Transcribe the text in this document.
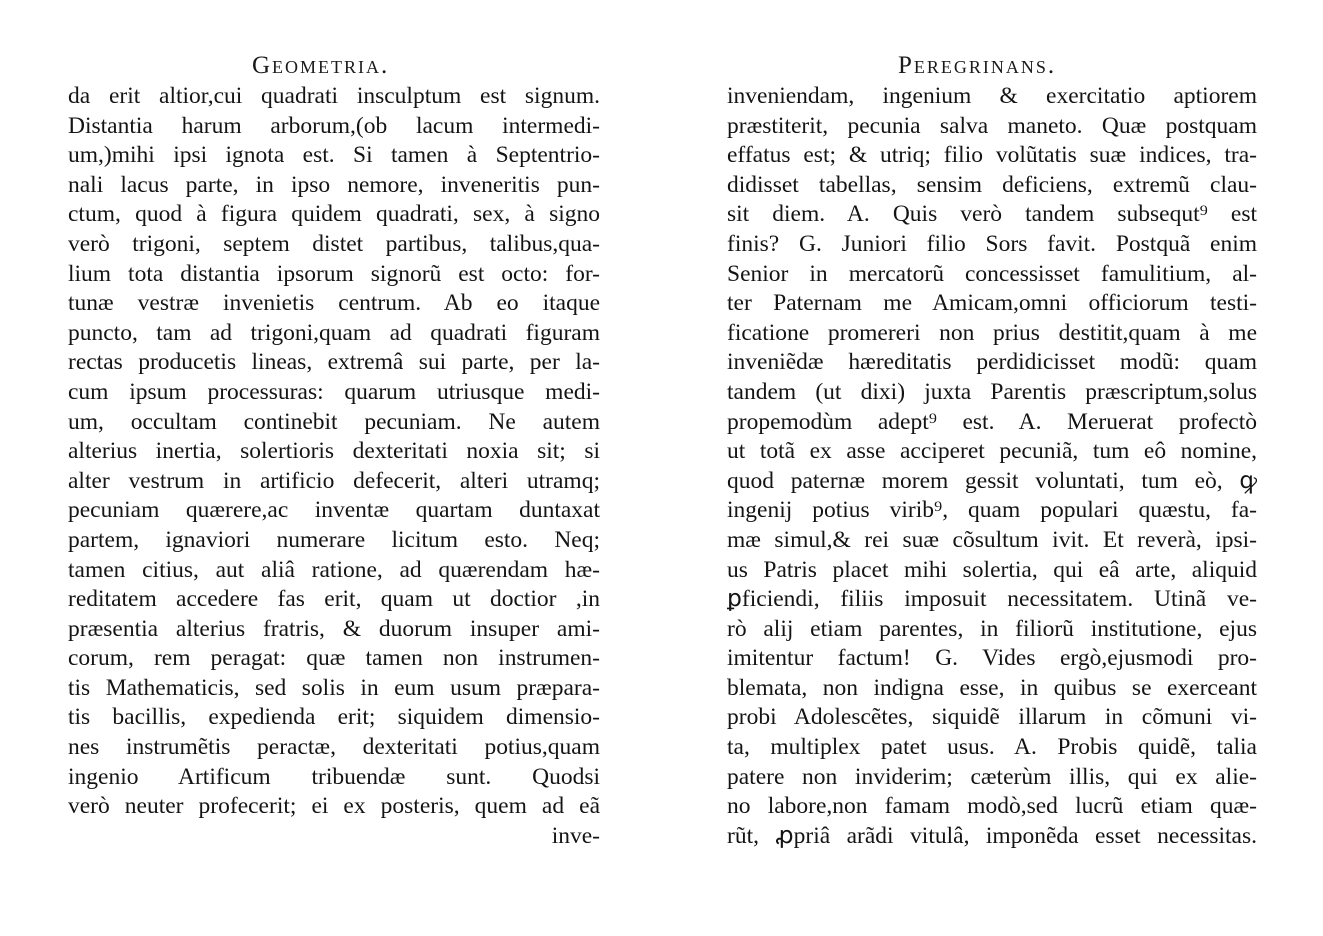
Geometria.
da erit altior,cui quadrati insculptum est signum.
Distantia harum arborum,(ob lacum intermedi-
um,)mihi ipsi ignota est. Si tamen à Septentrio-
nali lacus parte, in ipso nemore, inveneritis pun-
ctum, quod à figura quidem quadrati, sex, à signo
verò trigoni, septem distet partibus, talibus,qua-
lium tota distantia ipsorum signorũ est octo: for-
tunæ vestræ invenietis centrum. Ab eo itaque
puncto, tam ad trigoni,quam ad quadrati figuram
rectas producetis lineas, extremâ sui parte, per la-
cum ipsum processuras: quarum utriusque medi-
um, occultam continebit pecuniam. Ne autem
alterius inertia, solertioris dexteritati noxia sit; si
alter vestrum in artificio defecerit, alteri utramq;
pecuniam quærere,ac inventæ quartam duntaxat
partem, ignaviori numerare licitum esto. Neq;
tamen citius, aut aliâ ratione, ad quærendam hæ-
reditatem accedere fas erit, quam ut doctior ,in
præsentia alterius fratris, & duorum insuper ami-
corum, rem peragat: quæ tamen non instrumen-
tis Mathematicis, sed solis in eum usum præpara-
tis bacillis, expedienda erit; siquidem dimensio-
nes instrumẽtis peractæ, dexteritati potius,quam
ingenio Artificum tribuendæ sunt. Quodsi
verò neuter profecerit; ei ex posteris, quem ad eã
inve-
Peregrinans.
inveniendam, ingenium & exercitatio aptiorem
præstiterit, pecunia salva maneto. Quæ postquam
effatus est; & utriq; filio volũtatis suæ indices, tra-
didisset tabellas, sensim deficiens, extremũ clau-
sit diem. A. Quis verò tandem subsequt⁹ est
finis? G. Juniori filio Sors favit. Postquã enim
Senior in mercatorũ concessisset famulitium, al-
ter Paternam me Amicam,omni officiorum testi-
ficatione promereri non prius destitit,quam à me
inveniẽdæ hæreditatis perdidicisset modũ: quam
tandem (ut dixi) juxta Parentis præscriptum,solus
propemodùm adept⁹ est. A. Meruerat profectò
ut totã ex asse acciperet pecuniã, tum eô nomine,
quod paternæ morem gessit voluntati, tum eò, ꝙ
ingenij potius virib⁹, quam populari quæstu, fa-
mæ simul,& rei suæ cõsultum ivit. Et reverà, ipsi-
us Patris placet mihi solertia, qui eâ arte, aliquid
ꝑficiendi, filiis imposuit necessitatem. Utinã ve-
rò alij etiam parentes, in filiorũ institutione, ejus
imitentur factum! G. Vides ergò,ejusmodi pro-
blemata, non indigna esse, in quibus se exerceant
probi Adolescẽtes, siquidẽ illarum in cõmuni vi-
ta, multiplex patet usus. A. Probis quidẽ, talia
patere non inviderim; cæterùm illis, qui ex alie-
no labore,non famam modò,sed lucrũ etiam quæ-
rũt, ꝓpriâ arãdi vitulâ, imponẽda esset necessitas.
